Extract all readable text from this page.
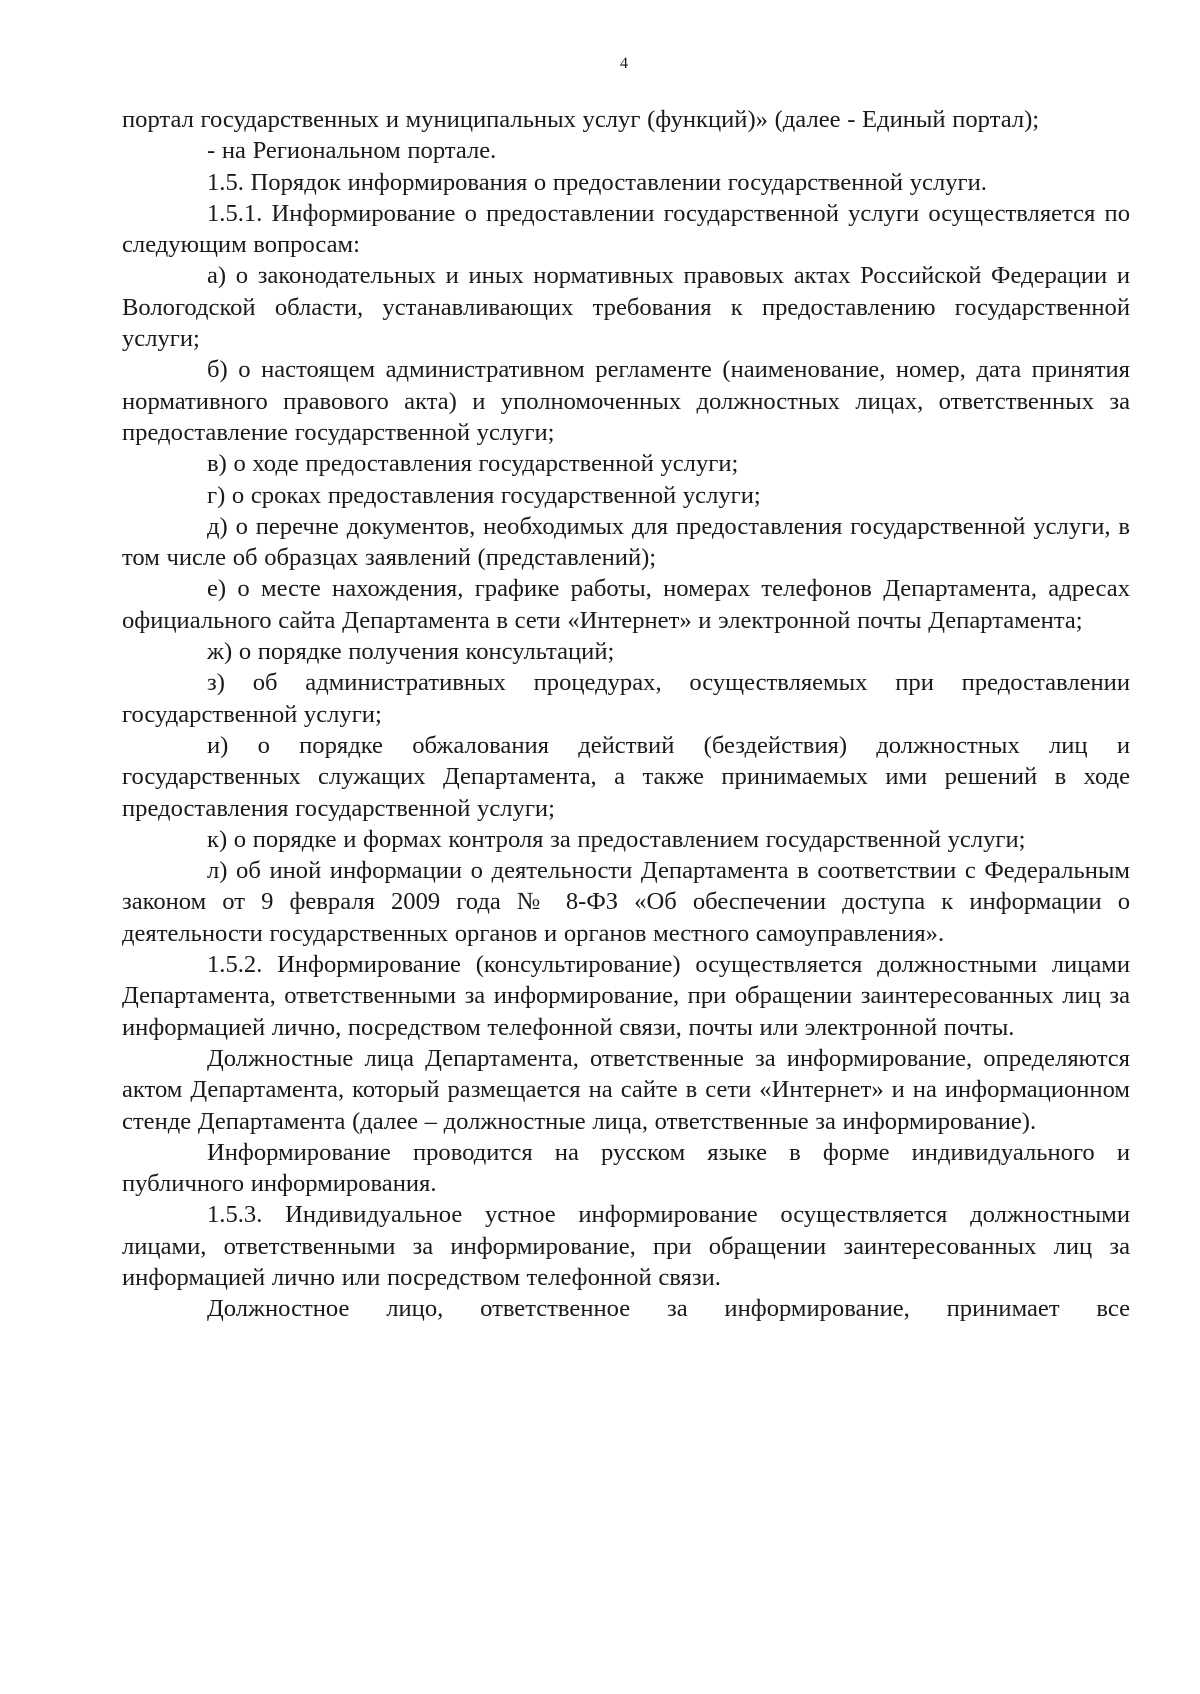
4

портал государственных и муниципальных услуг (функций)» (далее - Единый портал);

- на Региональном портале.

1.5. Порядок информирования о предоставлении государственной услуги.

1.5.1. Информирование о предоставлении государственной услуги осуществляется по следующим вопросам:

а) о законодательных и иных нормативных правовых актах Российской Федерации и Вологодской области, устанавливающих требования к предоставлению государственной услуги;

б) о настоящем административном регламенте (наименование, номер, дата принятия нормативного правового акта) и уполномоченных должностных лицах, ответственных за предоставление государственной услуги;

в) о ходе предоставления государственной услуги;

г) о сроках предоставления государственной услуги;

д) о перечне документов, необходимых для предоставления государственной услуги, в том числе об образцах заявлений (представлений);

е) о месте нахождения, графике работы, номерах телефонов Департамента, адресах официального сайта Департамента в сети «Интернет» и электронной почты Департамента;

ж) о порядке получения консультаций;

з) об административных процедурах, осуществляемых при предоставлении государственной услуги;

и) о порядке обжалования действий (бездействия) должностных лиц и государственных служащих Департамента, а также принимаемых ими решений в ходе предоставления государственной услуги;

к) о порядке и формах контроля за предоставлением государственной услуги;

л) об иной информации о деятельности Департамента в соответствии с Федеральным законом от 9 февраля 2009 года № 8-ФЗ «Об обеспечении доступа к информации о деятельности государственных органов и органов местного самоуправления».

1.5.2. Информирование (консультирование) осуществляется должностными лицами Департамента, ответственными за информирование, при обращении заинтересованных лиц за информацией лично, посредством телефонной связи, почты или электронной почты.

Должностные лица Департамента, ответственные за информирование, определяются актом Департамента, который размещается на сайте в сети «Интернет» и на информационном стенде Департамента (далее – должностные лица, ответственные за информирование).

Информирование проводится на русском языке в форме индивидуального и публичного информирования.

1.5.3. Индивидуальное устное информирование осуществляется должностными лицами, ответственными за информирование, при обращении заинтересованных лиц за информацией лично или посредством телефонной связи.

Должностное лицо, ответственное за информирование, принимает все
